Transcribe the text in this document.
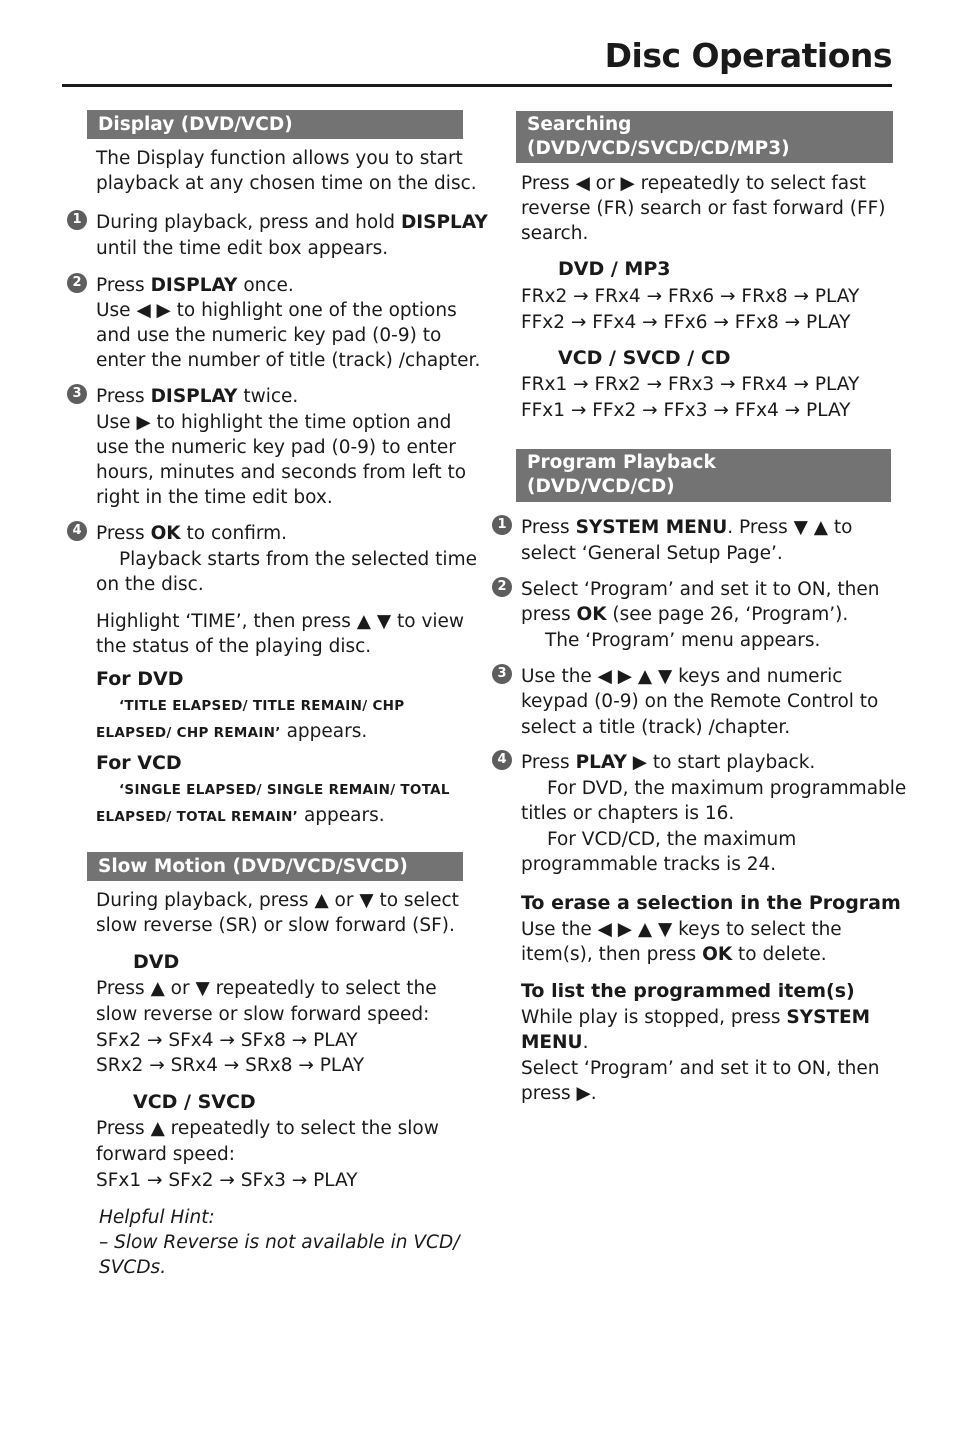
Disc Operations
Display (DVD/VCD)
The Display function allows you to start
playback at any chosen time on the disc.
1 During playback, press and hold DISPLAY
until the time edit box appears.
2 Press DISPLAY once.
Use ◀ ▶ to highlight one of the options
and use the numeric key pad (0-9) to
enter the number of title (track) /chapter.
3 Press DISPLAY twice.
Use ▶ to highlight the time option and
use the numeric key pad (0-9) to enter
hours, minutes and seconds from left to
right in the time edit box.
4 Press OK to confirm.
Playback starts from the selected time
on the disc.
Highlight ‘TIME’, then press ▲ ▼ to view
the status of the playing disc.
For DVD
‘TITLE ELAPSED/ TITLE REMAIN/ CHP
ELAPSED/ CHP REMAIN’ appears.
For VCD
‘SINGLE ELAPSED/ SINGLE REMAIN/ TOTAL
ELAPSED/ TOTAL REMAIN’ appears.
Slow Motion (DVD/VCD/SVCD)
During playback, press ▲ or ▼ to select
slow reverse (SR) or slow forward (SF).
DVD
Press ▲ or ▼ repeatedly to select the
slow reverse or slow forward speed:
SFx2 → SFx4 → SFx8 → PLAY
SRx2 → SRx4 → SRx8 → PLAY
VCD / SVCD
Press ▲ repeatedly to select the slow
forward speed:
SFx1 → SFx2 → SFx3 → PLAY
Helpful Hint:
– Slow Reverse is not available in VCD/
SVCDs.
Searching
(DVD/VCD/SVCD/CD/MP3)
Press ◀ or ▶ repeatedly to select fast
reverse (FR) search or fast forward (FF)
search.
DVD / MP3
FRx2 → FRx4 → FRx6 → FRx8 → PLAY
FFx2 → FFx4 → FFx6 → FFx8 → PLAY
VCD / SVCD / CD
FRx1 → FRx2 → FRx3 → FRx4 → PLAY
FFx1 → FFx2 → FFx3 → FFx4 → PLAY
Program Playback
(DVD/VCD/CD)
1 Press SYSTEM MENU. Press ▼ ▲ to
select ‘General Setup Page’.
2 Select ‘Program’ and set it to ON, then
press OK (see page 26, ‘Program’).
The ‘Program’ menu appears.
3 Use the ◀ ▶ ▲ ▼ keys and numeric
keypad (0-9) on the Remote Control to
select a title (track) /chapter.
4 Press PLAY ▶ to start playback.
For DVD, the maximum programmable
titles or chapters is 16.
For VCD/CD, the maximum
programmable tracks is 24.
To erase a selection in the Program
Use the ◀ ▶ ▲ ▼ keys to select the
item(s), then press OK to delete.
To list the programmed item(s)
While play is stopped, press SYSTEM
MENU.
Select ‘Program’ and set it to ON, then
press ▶.
